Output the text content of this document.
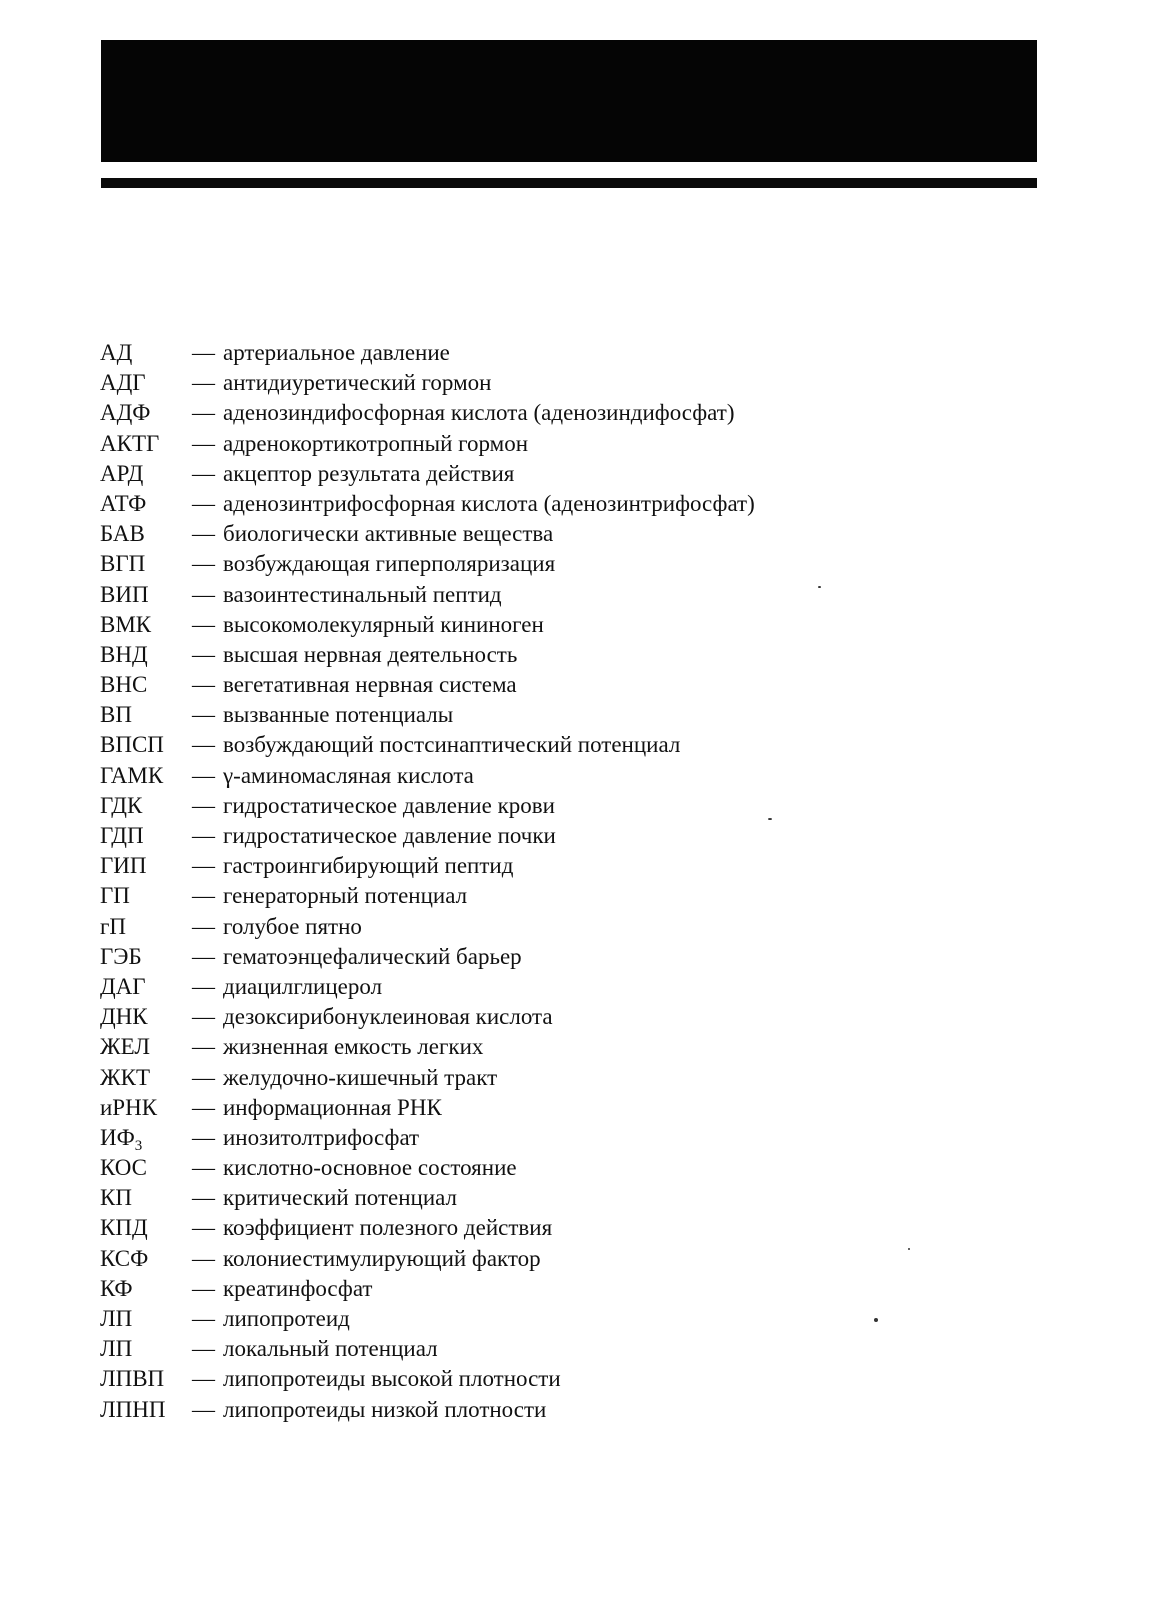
АД	— артериальное давление
АДГ	— антидиуретический гормон
АДФ	— аденозиндифосфорная кислота (аденозиндифосфат)
АКТГ	— адренокортикотропный гормон
АРД	— акцептор результата действия
АТФ	— аденозинтрифосфорная кислота (аденозинтрифосфат)
БАВ	— биологически активные вещества
ВГП	— возбуждающая гиперполяризация
ВИП	— вазоинтестинальный пептид
ВМК	— высокомолекулярный кининоген
ВНД	— высшая нервная деятельность
ВНС	— вегетативная нервная система
ВП	— вызванные потенциалы
ВПСП	— возбуждающий постсинаптический потенциал
ГАМК	— γ-аминомасляная кислота
ГДК	— гидростатическое давление крови
ГДП	— гидростатическое давление почки
ГИП	— гастроингибирующий пептид
ГП	— генераторный потенциал
гП	— голубое пятно
ГЭБ	— гематоэнцефалический барьер
ДАГ	— диацилглицерол
ДНК	— дезоксирибонуклеиновая кислота
ЖЕЛ	— жизненная емкость легких
ЖКТ	— желудочно-кишечный тракт
иРНК	— информационная РНК
$ИФ_3$	— инозитолтрифосфат
КОС	— кислотно-основное состояние
КП	— критический потенциал
КПД	— коэффициент полезного действия
КСФ	— колониестимулирующий фактор
КФ	— креатинфосфат
ЛП	— липопротеид
ЛП	— локальный потенциал
ЛПВП	— липопротеиды высокой плотности
ЛПНП	— липопротеиды низкой плотности
